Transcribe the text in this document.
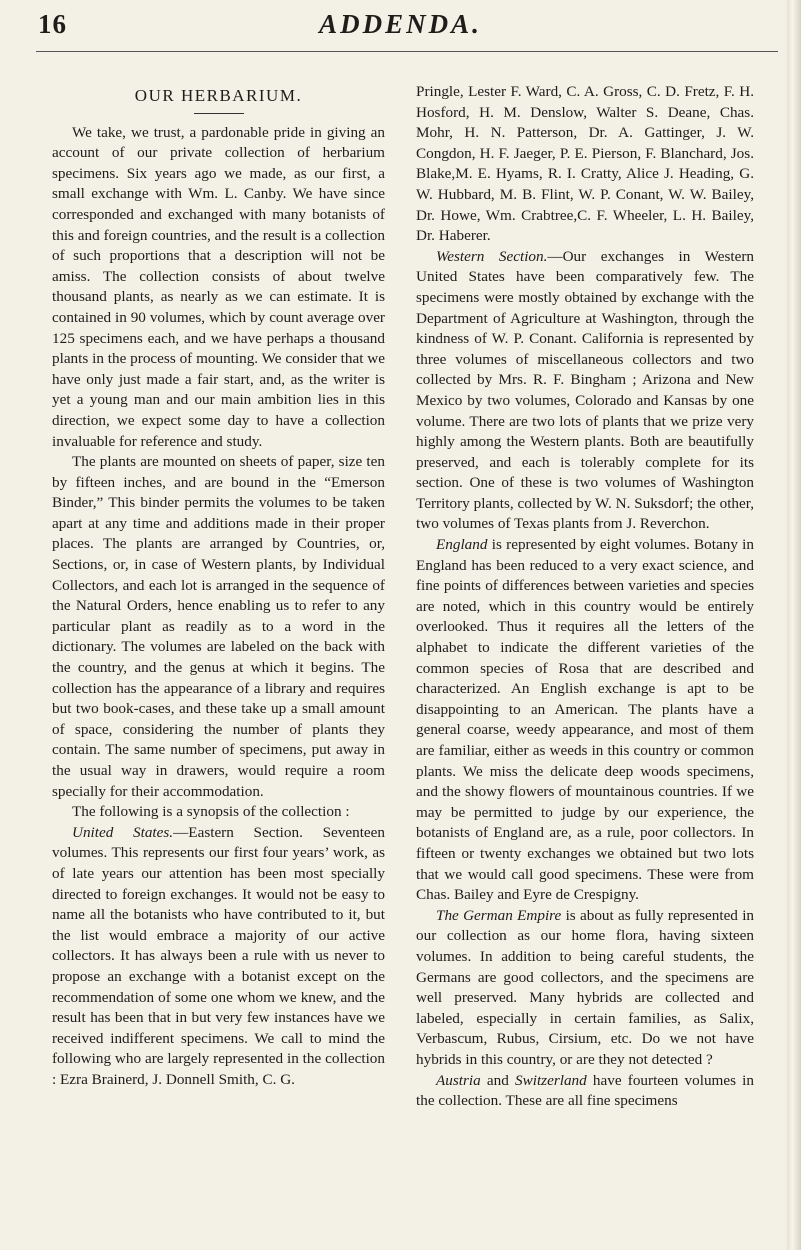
16	ADDENDA.
OUR HERBARIUM.

We take, we trust, a pardonable pride in giving an account of our private collection of herbarium specimens. Six years ago we made, as our first, a small exchange with Wm. L. Canby. We have since corresponded and exchanged with many botanists of this and foreign countries, and the result is a collection of such proportions that a description will not be amiss. The collection consists of about twelve thousand plants, as nearly as we can estimate. It is contained in 90 volumes, which by count average over 125 specimens each, and we have perhaps a thousand plants in the process of mounting. We consider that we have only just made a fair start, and, as the writer is yet a young man and our main ambition lies in this direction, we expect some day to have a collection invaluable for reference and study.

The plants are mounted on sheets of paper, size ten by fifteen inches, and are bound in the “Emerson Binder,” This binder permits the volumes to be taken apart at any time and additions made in their proper places. The plants are arranged by Countries, or, Sections, or, in case of Western plants, by Individual Collectors, and each lot is arranged in the sequence of the Natural Orders, hence enabling us to refer to any particular plant as readily as to a word in the dictionary. The volumes are labeled on the back with the country, and the genus at which it begins. The collection has the appearance of a library and requires but two book-cases, and these take up a small amount of space, considering the number of plants they contain. The same number of specimens, put away in the usual way in drawers, would require a room specially for their accommodation.

The following is a synopsis of the collection :

United States.—Eastern Section. Seventeen volumes. This represents our first four years’ work, as of late years our attention has been most specially directed to foreign exchanges. It would not be easy to name all the botanists who have contributed to it, but the list would embrace a majority of our active collectors. It has always been a rule with us never to propose an exchange with a botanist except on the recommendation of some one whom we knew, and the result has been that in but very few instances have we received indifferent specimens. We call to mind the following who are largely represented in the collection : Ezra Brainerd, J. Donnell Smith, C. G.

Pringle, Lester F. Ward, C. A. Gross, C. D. Fretz, F. H. Hosford, H. M. Denslow, Walter S. Deane, Chas. Mohr, H. N. Patterson, Dr. A. Gattinger, J. W. Congdon, H. F. Jaeger, P. E. Pierson, F. Blanchard, Jos. Blake,M. E. Hyams, R. I. Cratty, Alice J. Heading, G. W. Hubbard, M. B. Flint, W. P. Conant, W. W. Bailey, Dr. Howe, Wm. Crabtree,C. F. Wheeler, L. H. Bailey, Dr. Haberer.

Western Section.—Our exchanges in Western United States have been comparatively few. The specimens were mostly obtained by exchange with the Department of Agriculture at Washington, through the kindness of W. P. Conant. California is represented by three volumes of miscellaneous collectors and two collected by Mrs. R. F. Bingham ; Arizona and New Mexico by two volumes, Colorado and Kansas by one volume. There are two lots of plants that we prize very highly among the Western plants. Both are beautifully preserved, and each is tolerably complete for its section. One of these is two volumes of Washington Territory plants, collected by W. N. Suksdorf; the other, two volumes of Texas plants from J. Reverchon.

England is represented by eight volumes. Botany in England has been reduced to a very exact science, and fine points of differences between varieties and species are noted, which in this country would be entirely overlooked. Thus it requires all the letters of the alphabet to indicate the different varieties of the common species of Rosa that are described and characterized. An English exchange is apt to be disappointing to an American. The plants have a general coarse, weedy appearance, and most of them are familiar, either as weeds in this country or common plants. We miss the delicate deep woods specimens, and the showy flowers of mountainous countries. If we may be permitted to judge by our experience, the botanists of England are, as a rule, poor collectors. In fifteen or twenty exchanges we obtained but two lots that we would call good specimens. These were from Chas. Bailey and Eyre de Crespigny.

The German Empire is about as fully represented in our collection as our home flora, having sixteen volumes. In addition to being careful students, the Germans are good collectors, and the specimens are well preserved. Many hybrids are collected and labeled, especially in certain families, as Salix, Verbascum, Rubus, Cirsium, etc. Do we not have hybrids in this country, or are they not detected ?

Austria and Switzerland have fourteen volumes in the collection. These are all fine specimens
